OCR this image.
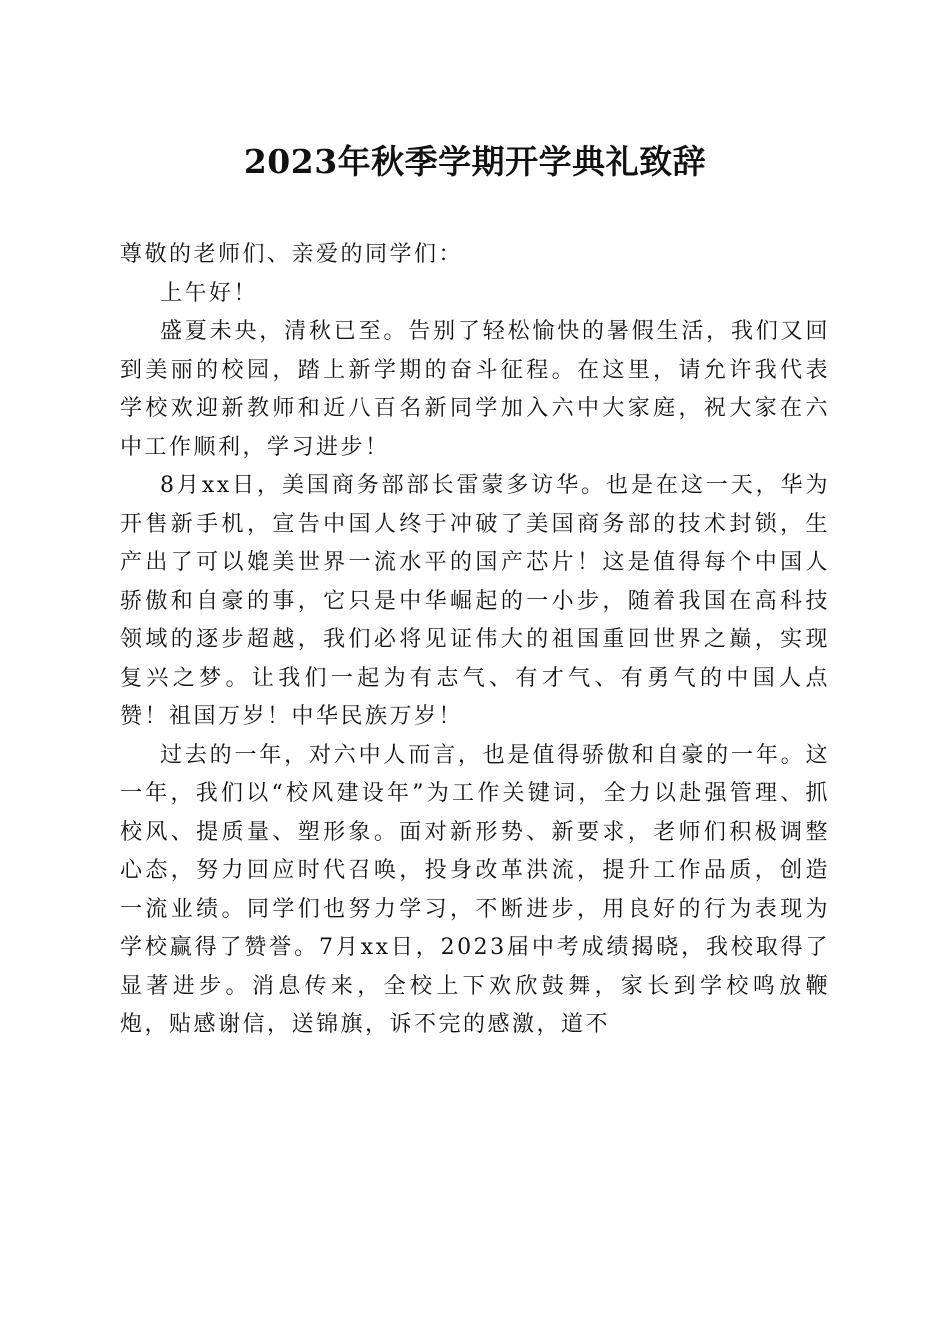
2023年秋季学期开学典礼致辞

尊敬的老师们、亲爱的同学们：

上午好！

盛夏未央，清秋已至。告别了轻松愉快的暑假生活，我们又回到美丽的校园，踏上新学期的奋斗征程。在这里，请允许我代表学校欢迎新教师和近八百名新同学加入六中大家庭，祝大家在六中工作顺利，学习进步！

8月xx日，美国商务部部长雷蒙多访华。也是在这一天，华为开售新手机，宣告中国人终于冲破了美国商务部的技术封锁，生产出了可以媲美世界一流水平的国产芯片！这是值得每个中国人骄傲和自豪的事，它只是中华崛起的一小步，随着我国在高科技领域的逐步超越，我们必将见证伟大的祖国重回世界之巅，实现复兴之梦。让我们一起为有志气、有才气、有勇气的中国人点赞！祖国万岁！中华民族万岁！

过去的一年，对六中人而言，也是值得骄傲和自豪的一年。这一年，我们以“校风建设年”为工作关键词，全力以赴强管理、抓校风、提质量、塑形象。面对新形势、新要求，老师们积极调整心态，努力回应时代召唤，投身改革洪流，提升工作品质，创造一流业绩。同学们也努力学习，不断进步，用良好的行为表现为学校赢得了赞誉。7月xx日，2023届中考成绩揭晓，我校取得了显著进步。消息传来，全校上下欢欣鼓舞，家长到学校鸣放鞭炮，贴感谢信，送锦旗，诉不完的感激，道不
